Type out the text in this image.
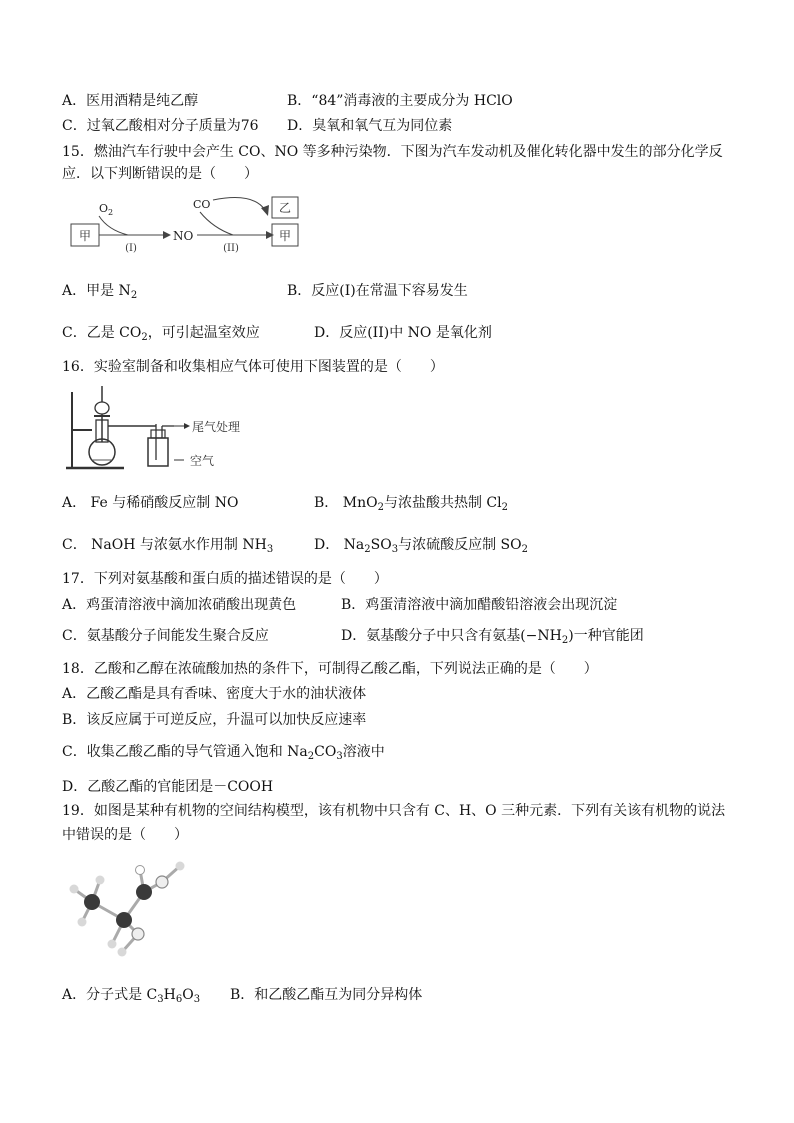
A．医用酒精是纯乙醇	B．“84”消毒液的主要成分为 HClO
C．过氧乙酸相对分子质量为76 D．臭氧和氧气互为同位素
15．燃油汽车行驶中会产生 CO、NO 等多种污染物．下图为汽车发动机及催化转化器中发生的部分化学反
应．以下判断错误的是（　　）
甲
$O_2$
(I)
NO
CO
(II)
乙
甲
A．甲是 $N_2$	B．反应(I)在常温下容易发生
C．乙是 $CO_2$，可引起温室效应	D．反应(II)中 NO 是氧化剂
16．实验室制备和收集相应气体可使用下图装置的是（　　）
尾气处理
空气
A． Fe 与稀硝酸反应制 NO	B． MnO$_2$与浓盐酸共热制 $Cl_2$
C． NaOH 与浓氨水作用制 $NH_3$	D． $Na_2SO_3$与浓硫酸反应制 $SO_2$
17．下列对氨基酸和蛋白质的描述错误的是（　　）
A．鸡蛋清溶液中滴加浓硝酸出现黄色	B．鸡蛋清溶液中滴加醋酸铅溶液会出现沉淀
C．氨基酸分子间能发生聚合反应	D．氨基酸分子中只含有氨基$(-NH_2)$一种官能团
18．乙酸和乙醇在浓硫酸加热的条件下，可制得乙酸乙酯，下列说法正确的是（　　）
A．乙酸乙酯是具有香味、密度大于水的油状液体
B．该反应属于可逆反应，升温可以加快反应速率
C．收集乙酸乙酯的导气管通入饱和 $Na_2CO_3$溶液中
D．乙酸乙酯的官能团是－COOH
19．如图是某种有机物的空间结构模型，该有机物中只含有 C、H、O 三种元素．下列有关该有机物的说法
中错误的是（　　）
A．分子式是 $C_3H_6O_3$ B．和乙酸乙酯互为同分异构体
